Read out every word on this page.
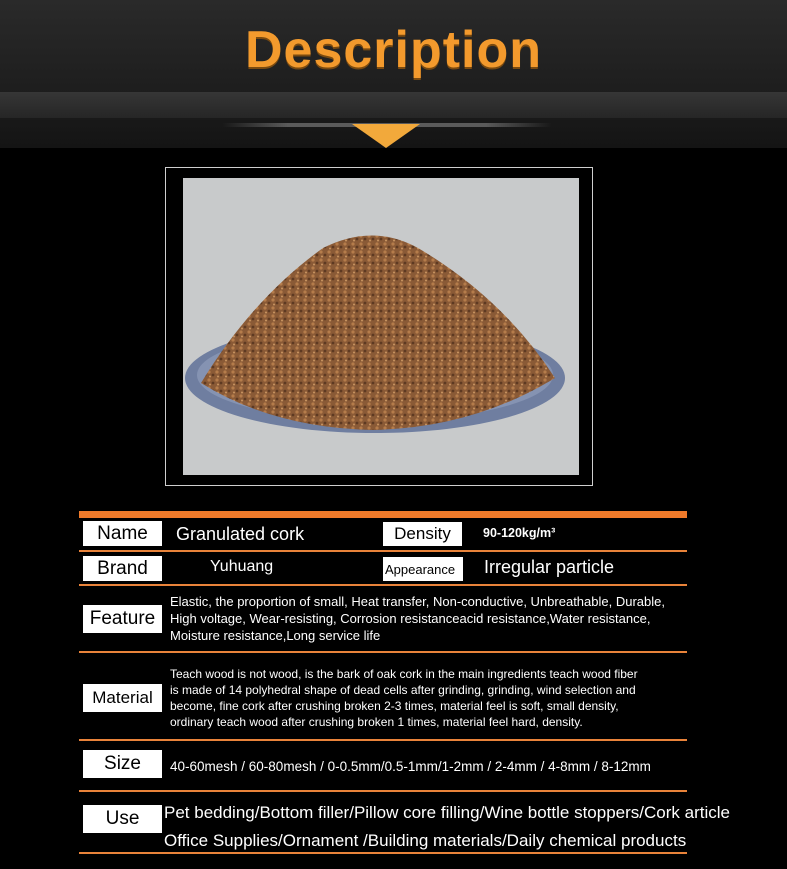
Description
Name	Granulated cork	Density	90-120kg/m³
Brand	Yuhuang	Appearance	Irregular particle
Feature
Elastic, the proportion of small, Heat transfer, Non-conductive, Unbreathable, Durable,
High voltage, Wear-resisting, Corrosion resistanceacid resistance,Water resistance,
Moisture resistance,Long service life
Material
Teach wood is not wood, is the bark of oak cork in the main ingredients teach wood fiber
is made of 14 polyhedral shape of dead cells after grinding, grinding, wind selection and
become, fine cork after crushing broken 2-3 times, material feel is soft, small density,
ordinary teach wood after crushing broken 1 times, material feel hard, density.
Size	40-60mesh / 60-80mesh / 0-0.5mm/0.5-1mm/1-2mm / 2-4mm / 4-8mm / 8-12mm
Use	Pet bedding/Bottom filler/Pillow core filling/Wine bottle stoppers/Cork article
Office Supplies/Ornament /Building materials/Daily chemical products
